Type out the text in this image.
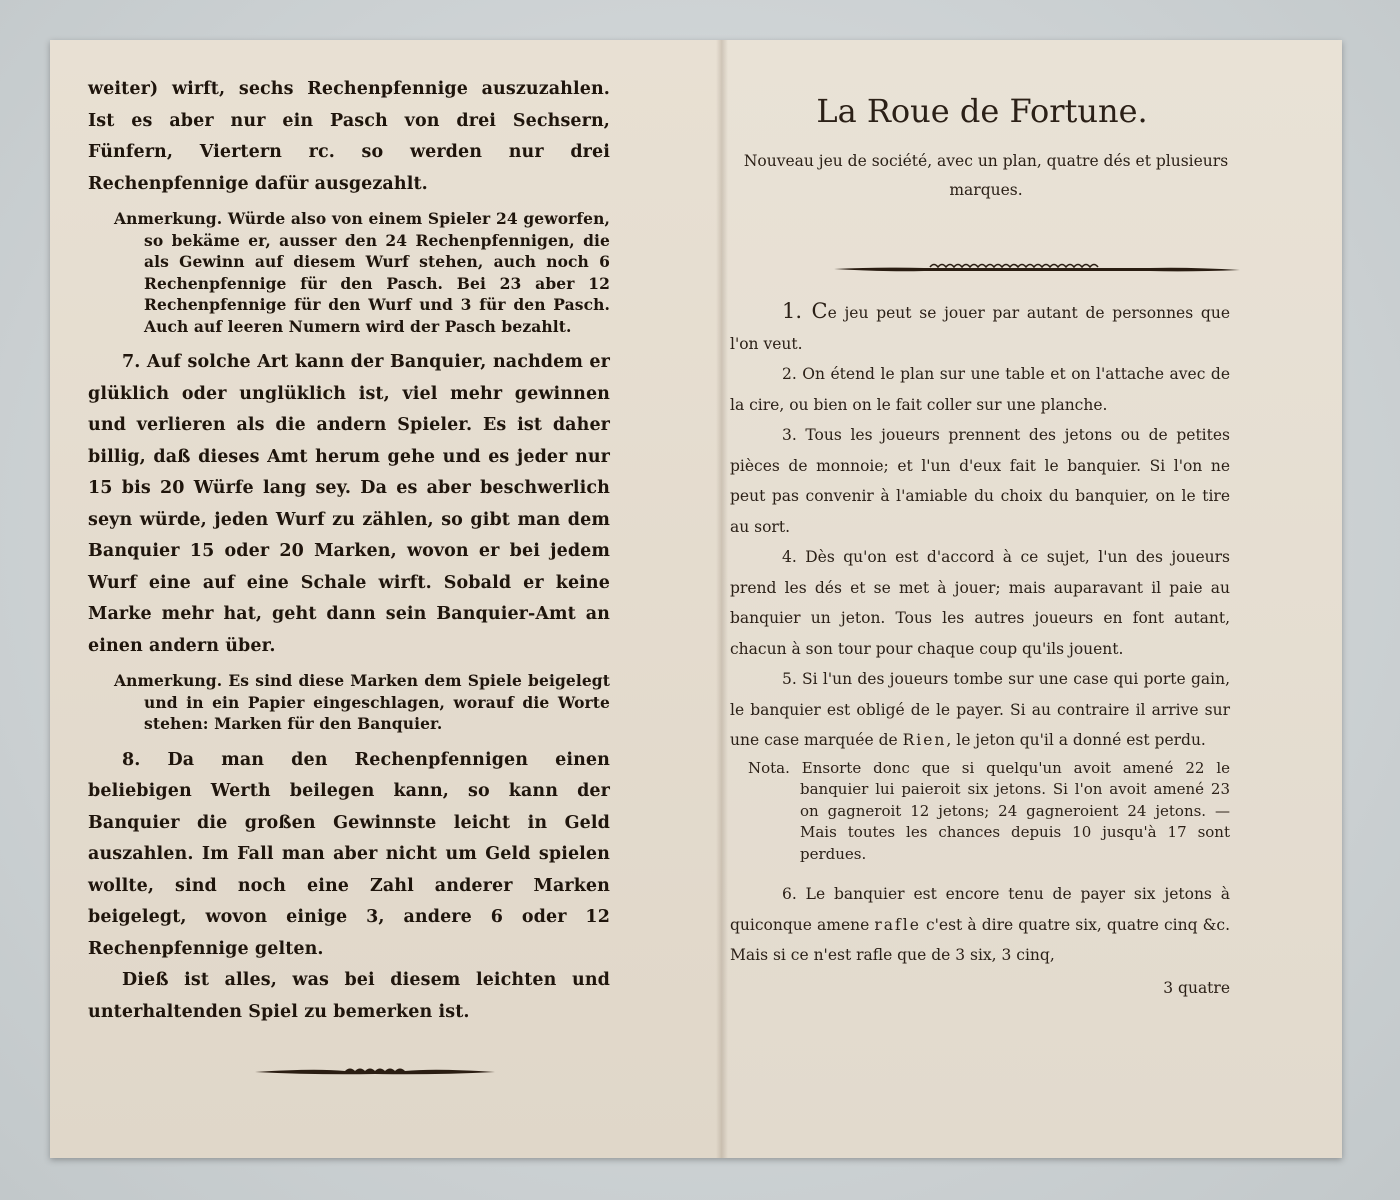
weiter) wirft, sechs Rechenpfennige auszuzahlen. Ist es aber nur ein Pasch von drei Sechsern, Fünfern, Viertern rc. so werden nur drei Rechenpfennige dafür ausgezahlt.

Anmerkung. Würde also von einem Spieler 24 geworfen, so bekäme er, ausser den 24 Rechenpfennigen, die als Gewinn auf diesem Wurf stehen, auch noch 6 Rechenpfennige für den Pasch. Bei 23 aber 12 Rechenpfennige für den Wurf und 3 für den Pasch. Auch auf leeren Numern wird der Pasch bezahlt.

7. Auf solche Art kann der Banquier, nachdem er glüklich oder unglüklich ist, viel mehr gewinnen und verlieren als die andern Spieler. Es ist daher billig, daß dieses Amt herum gehe und es jeder nur 15 bis 20 Würfe lang sey. Da es aber beschwerlich seyn würde, jeden Wurf zu zählen, so gibt man dem Banquier 15 oder 20 Marken, wovon er bei jedem Wurf eine auf eine Schale wirft. Sobald er keine Marke mehr hat, geht dann sein Banquier-Amt an einen andern über.

Anmerkung. Es sind diese Marken dem Spiele beigelegt und in ein Papier eingeschlagen, worauf die Worte stehen: Marken für den Banquier.

8. Da man den Rechenpfennigen einen beliebigen Werth beilegen kann, so kann der Banquier die großen Gewinnste leicht in Geld auszahlen. Im Fall man aber nicht um Geld spielen wollte, sind noch eine Zahl anderer Marken beigelegt, wovon einige 3, andere 6 oder 12 Rechenpfennige gelten.

Dieß ist alles, was bei diesem leichten und unterhaltenden Spiel zu bemerken ist.

La Roue de Fortune.
Nouveau jeu de société, avec un plan, quatre dés et plusieurs marques.

1. Ce jeu peut se jouer par autant de personnes que l'on veut.

2. On étend le plan sur une table et on l'attache avec de la cire, ou bien on le fait coller sur une planche.

3. Tous les joueurs prennent des jetons ou de petites pièces de monnoie; et l'un d'eux fait le banquier. Si l'on ne peut pas convenir à l'amiable du choix du banquier, on le tire au sort.

4. Dès qu'on est d'accord à ce sujet, l'un des joueurs prend les dés et se met à jouer; mais auparavant il paie au banquier un jeton. Tous les autres joueurs en font autant, chacun à son tour pour chaque coup qu'ils jouent.

5. Si l'un des joueurs tombe sur une case qui porte gain, le banquier est obligé de le payer. Si au contraire il arrive sur une case marquée de Rien, le jeton qu'il a donné est perdu.

Nota. Ensorte donc que si quelqu'un avoit amené 22 le banquier lui paieroit six jetons. Si l'on avoit amené 23 on gagneroit 12 jetons; 24 gagneroient 24 jetons. — Mais toutes les chances depuis 10 jusqu'à 17 sont perdues.

6. Le banquier est encore tenu de payer six jetons à quiconque amene rafle c'est à dire quatre six, quatre cinq &c. Mais si ce n'est rafle que de 3 six, 3 cinq,

3 quatre
